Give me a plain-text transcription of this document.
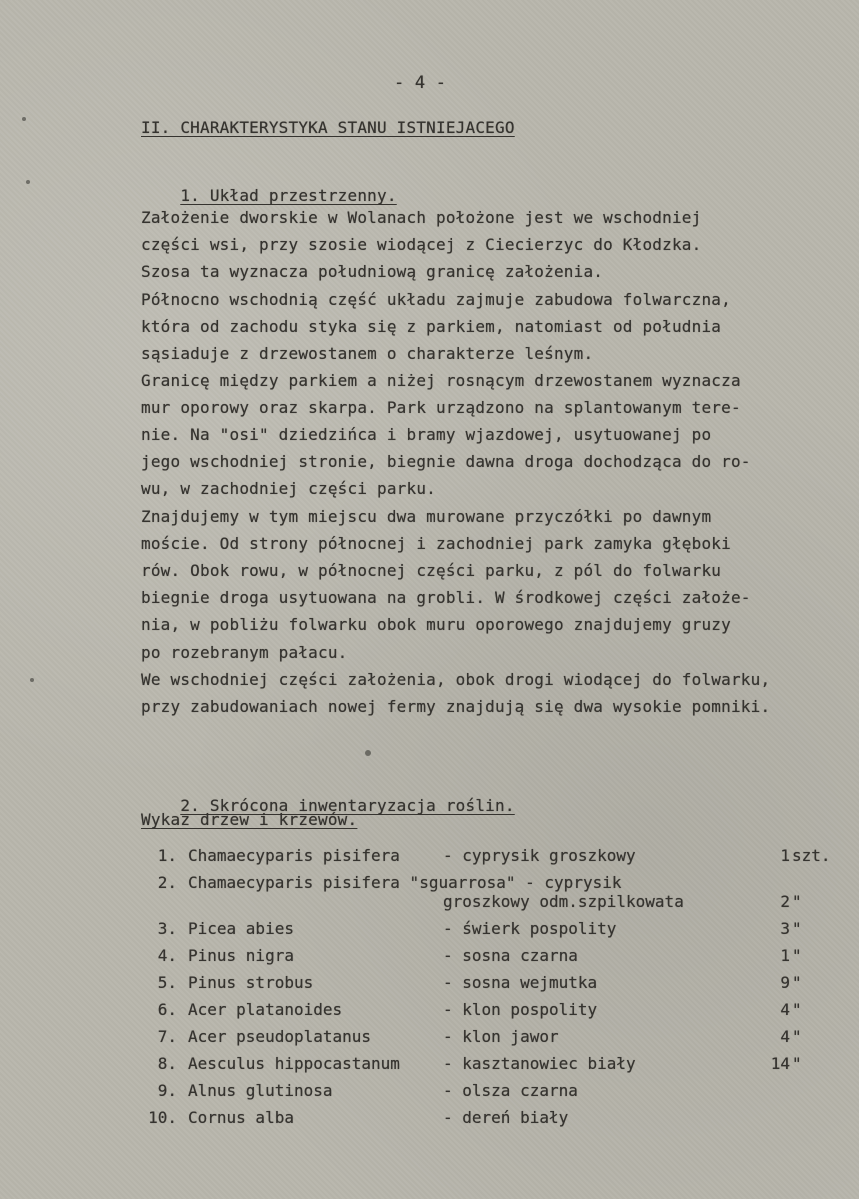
- 4 -
II. CHARAKTERYSTYKA STANU ISTNIEJACEGO

1. Układ przestrzenny.

Założenie dworskie w Wolanach położone jest we wschodniej
części wsi, przy szosie wiodącej z Ciecierzyc do Kłodzka.
Szosa ta wyznacza południową granicę założenia.
Północno wschodnią część układu zajmuje zabudowa folwarczna,
która od zachodu styka się z parkiem, natomiast od południa
sąsiaduje z drzewostanem o charakterze leśnym.
Granicę między parkiem a niżej rosnącym drzewostanem wyznacza
mur oporowy oraz skarpa. Park urządzono na splantowanym tere-
nie. Na "osi" dziedzińca i bramy wjazdowej, usytuowanej po
jego wschodniej stronie, biegnie dawna droga dochodząca do ro-
wu, w zachodniej części parku.
Znajdujemy w tym miejscu dwa murowane przyczółki po dawnym
moście. Od strony północnej i zachodniej park zamyka głęboki
rów. Obok rowu, w północnej części parku, z pól do folwarku
biegnie droga usytuowana na grobli. W środkowej części założe-
nia, w pobliżu folwarku obok muru oporowego znajdujemy gruzy
po rozebranym pałacu.
We wschodniej części założenia, obok drogi wiodącej do folwarku,
przy zabudowaniach nowej fermy znajdują się dwa wysokie pomniki.

2. Skrócona inwentaryzacja roślin.

Wykaz drzew i krzewów.
1. Chamaecyparis pisifera	- cyprysik groszkowy	1 szt.
2. Chamaecyparis pisifera "sguarrosa" - cyprysik
groszkowy odm.szpilkowata	2 "
3. Picea abies	- świerk pospolity	3 "
4. Pinus nigra	- sosna czarna	1 "
5. Pinus strobus	- sosna wejmutka	9 "
6. Acer platanoides	- klon pospolity	4 "
7. Acer pseudoplatanus	- klon jawor	4 "
8. Aesculus hippocastanum	- kasztanowiec biały	14 "
9. Alnus glutinosa	- olsza czarna
10. Cornus alba	- dereń biały
